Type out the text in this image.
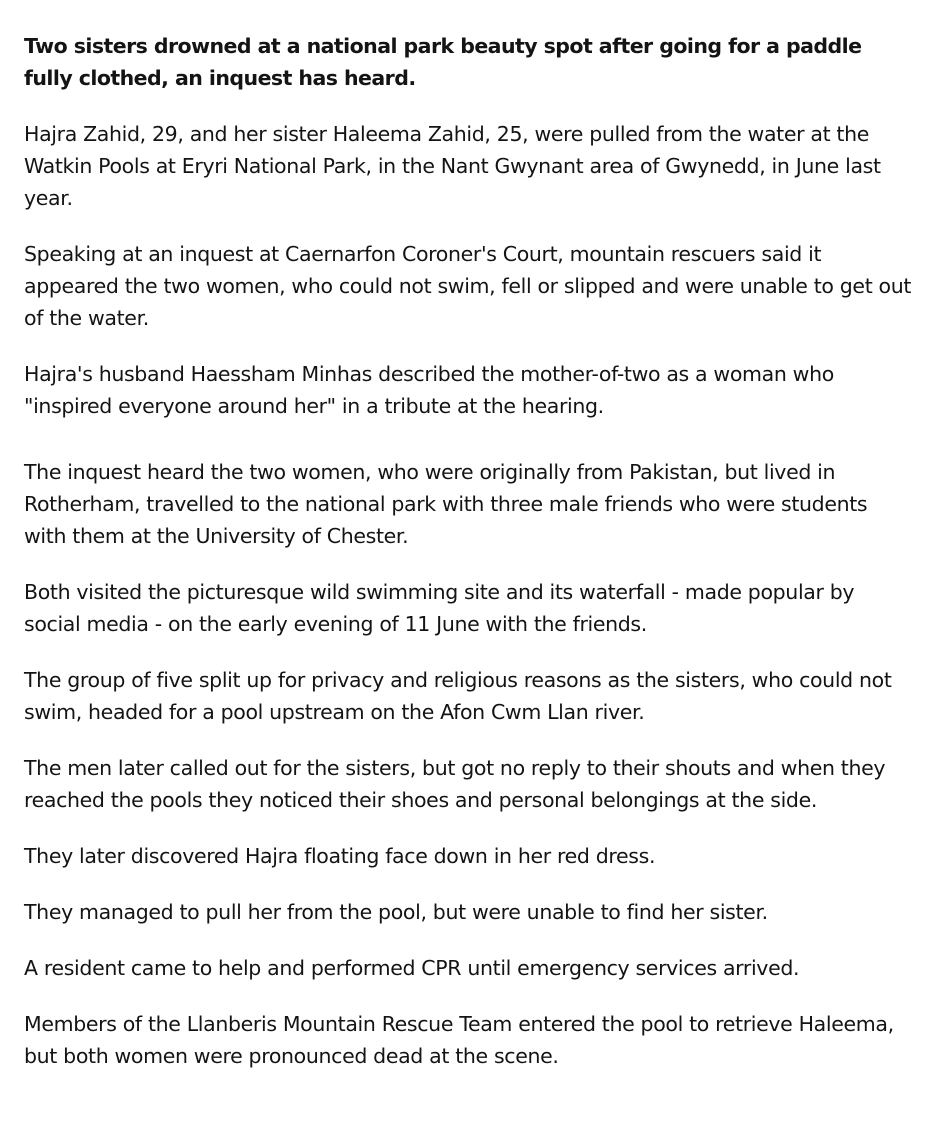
Two sisters drowned at a national park beauty spot after going for a paddle fully clothed, an inquest has heard.

Hajra Zahid, 29, and her sister Haleema Zahid, 25, were pulled from the water at the Watkin Pools at Eryri National Park, in the Nant Gwynant area of Gwynedd, in June last year.

Speaking at an inquest at Caernarfon Coroner's Court, mountain rescuers said it appeared the two women, who could not swim, fell or slipped and were unable to get out of the water.

Hajra's husband Haessham Minhas described the mother-of-two as a woman who "inspired everyone around her" in a tribute at the hearing.

The inquest heard the two women, who were originally from Pakistan, but lived in Rotherham, travelled to the national park with three male friends who were students with them at the University of Chester.

Both visited the picturesque wild swimming site and its waterfall - made popular by social media - on the early evening of 11 June with the friends.

The group of five split up for privacy and religious reasons as the sisters, who could not swim, headed for a pool upstream on the Afon Cwm Llan river.

The men later called out for the sisters, but got no reply to their shouts and when they reached the pools they noticed their shoes and personal belongings at the side.

They later discovered Hajra floating face down in her red dress.

They managed to pull her from the pool, but were unable to find her sister.

A resident came to help and performed CPR until emergency services arrived.

Members of the Llanberis Mountain Rescue Team entered the pool to retrieve Haleema, but both women were pronounced dead at the scene.
